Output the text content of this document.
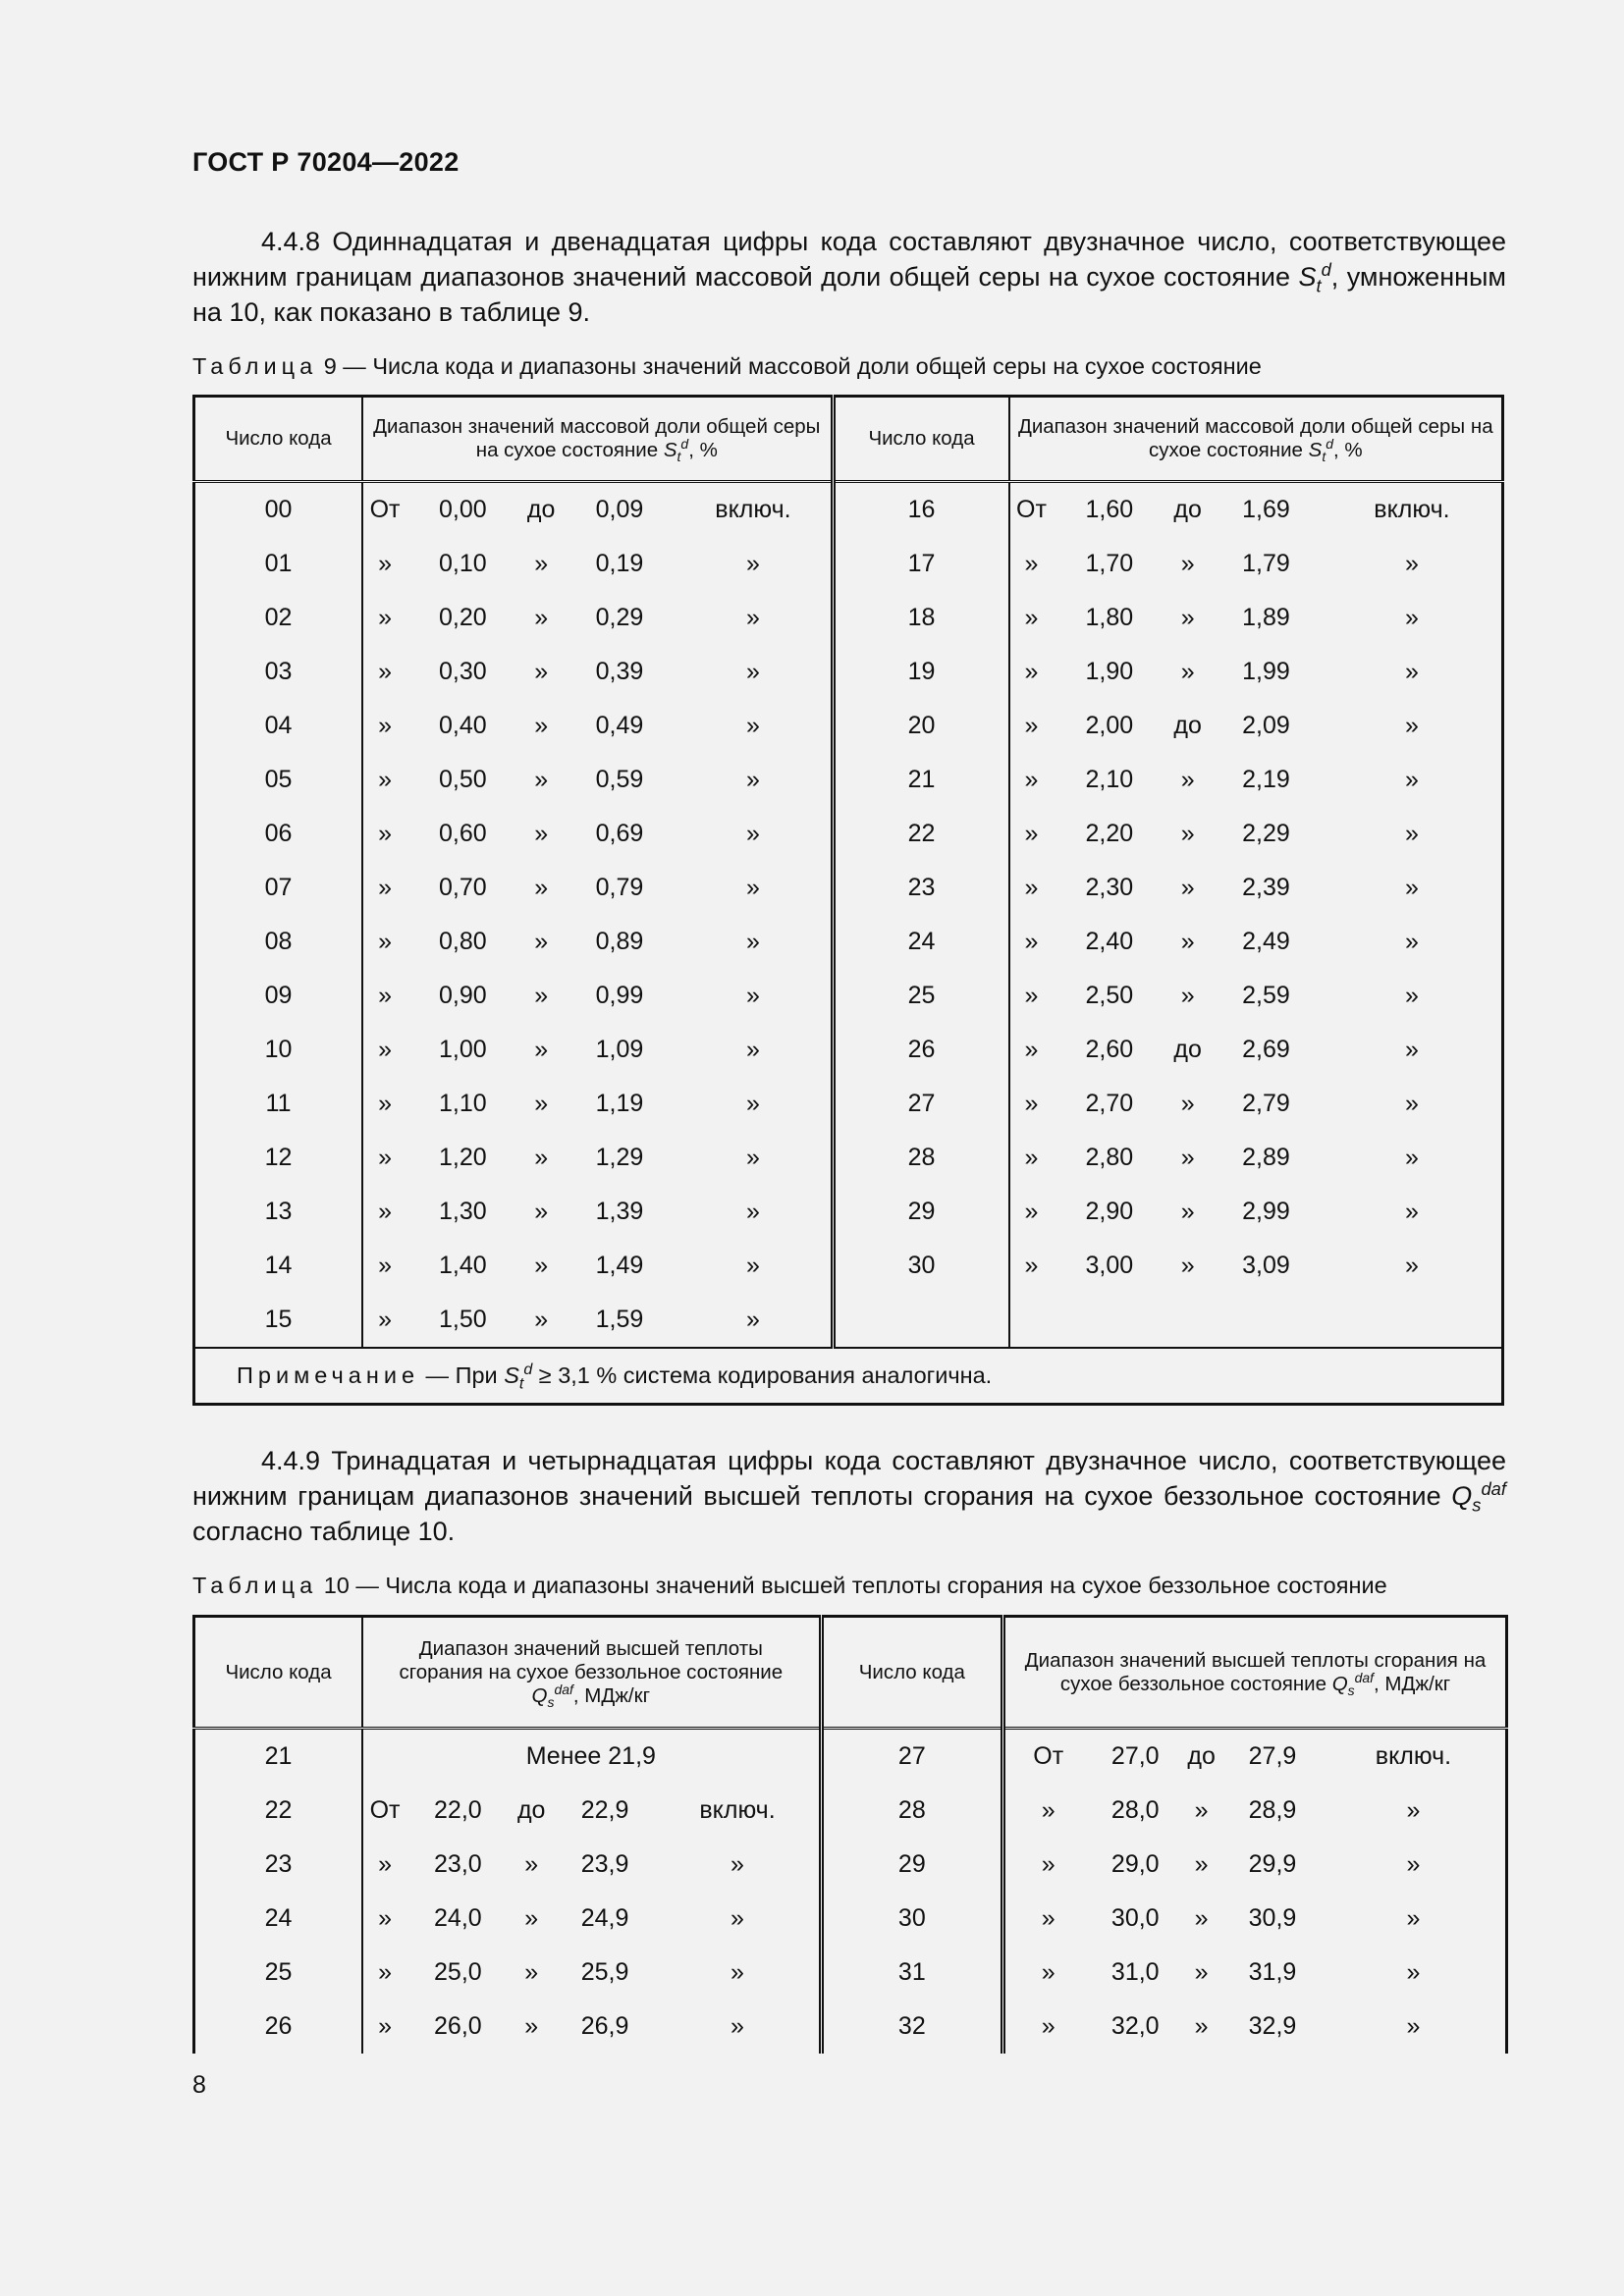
ГОСТ Р 70204—2022
4.4.8 Одиннадцатая и двенадцатая цифры кода составляют двузначное число, соответствующее нижним границам диапазонов значений массовой доли общей серы на сухое состояние $S_t^d$, умноженным на 10, как показано в таблице 9.
Таблица 9 — Числа кода и диапазоны значений массовой доли общей серы на сухое состояние
Число кода	Диапазон значений массовой доли общей серы на сухое состояние $S_t^d$, %					Число кода	Диапазон значений массовой доли общей серы на сухое состояние $S_t^d$, %				
00	От	0,00	до	0,09	включ.	16	От	1,60	до	1,69	включ.
01	»	0,10	»	0,19	»	17	»	1,70	»	1,79	»
02	»	0,20	»	0,29	»	18	»	1,80	»	1,89	»
03	»	0,30	»	0,39	»	19	»	1,90	»	1,99	»
04	»	0,40	»	0,49	»	20	»	2,00	до	2,09	»
05	»	0,50	»	0,59	»	21	»	2,10	»	2,19	»
06	»	0,60	»	0,69	»	22	»	2,20	»	2,29	»
07	»	0,70	»	0,79	»	23	»	2,30	»	2,39	»
08	»	0,80	»	0,89	»	24	»	2,40	»	2,49	»
09	»	0,90	»	0,99	»	25	»	2,50	»	2,59	»
10	»	1,00	»	1,09	»	26	»	2,60	до	2,69	»
11	»	1,10	»	1,19	»	27	»	2,70	»	2,79	»
12	»	1,20	»	1,29	»	28	»	2,80	»	2,89	»
13	»	1,30	»	1,39	»	29	»	2,90	»	2,99	»
14	»	1,40	»	1,49	»	30	»	3,00	»	3,09	»
15	»	1,50	»	1,59	»						
Примечание — При $S_t^d \ge 3,1$ % система кодирования аналогична.											
4.4.9 Тринадцатая и четырнадцатая цифры кода составляют двузначное число, соответствующее нижним границам диапазонов значений высшей теплоты сгорания на сухое беззольное состояние $Q_s^{daf}$ согласно таблице 10.
Таблица 10 — Числа кода и диапазоны значений высшей теплоты сгорания на сухое беззольное состояние
Число кода	Диапазон значений высшей теплоты сгорания на сухое беззольное состояние $Q_s^{daf}$, МДж/кг					Число кода	Диапазон значений высшей теплоты сгорания на сухое беззольное состояние $Q_s^{daf}$, МДж/кг				
21	Менее 21,9					27	От	27,0	до	27,9	включ.
22	От	22,0	до	22,9	включ.	28	»	28,0	»	28,9	»
23	»	23,0	»	23,9	»	29	»	29,0	»	29,9	»
24	»	24,0	»	24,9	»	30	»	30,0	»	30,9	»
25	»	25,0	»	25,9	»	31	»	31,0	»	31,9	»
26	»	26,0	»	26,9	»	32	»	32,0	»	32,9	»
8
